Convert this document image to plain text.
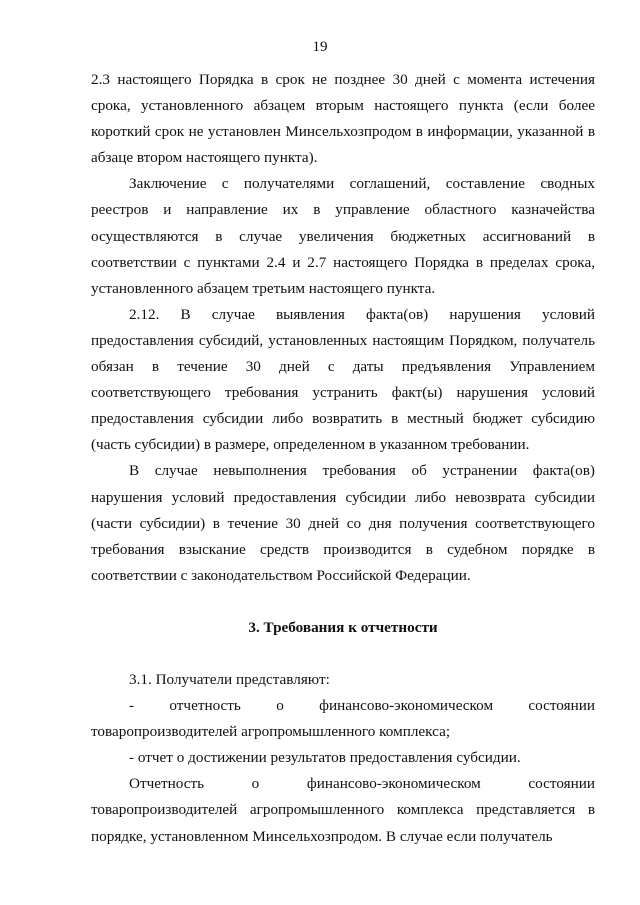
19

2.3 настоящего Порядка в срок не позднее 30 дней с момента истечения срока, установленного абзацем вторым настоящего пункта (если более короткий срок не установлен Минсельхозпродом в информации, указанной в абзаце втором настоящего пункта).

Заключение с получателями соглашений, составление сводных реестров и направление их в управление областного казначейства осуществляются в случае увеличения бюджетных ассигнований в соответствии с пунктами 2.4 и 2.7 настоящего Порядка в пределах срока, установленного абзацем третьим настоящего пункта.

2.12. В случае выявления факта(ов) нарушения условий предоставления субсидий, установленных настоящим Порядком, получатель обязан в течение 30 дней с даты предъявления Управлением соответствующего требования устранить факт(ы) нарушения условий предоставления субсидии либо возвратить в местный бюджет субсидию (часть субсидии) в размере, определенном в указанном требовании.

В случае невыполнения требования об устранении факта(ов) нарушения условий предоставления субсидии либо невозврата субсидии (части субсидии) в течение 30 дней со дня получения соответствующего требования взыскание средств производится в судебном порядке в соответствии с законодательством Российской Федерации.

3. Требования к отчетности

3.1. Получатели представляют:

- отчетность о финансово-экономическом состоянии товаропроизводителей агропромышленного комплекса;

- отчет о достижении результатов предоставления субсидии.

Отчетность о финансово-экономическом состоянии товаропроизводителей агропромышленного комплекса представляется в порядке, установленном Минсельхозпродом. В случае если получатель
